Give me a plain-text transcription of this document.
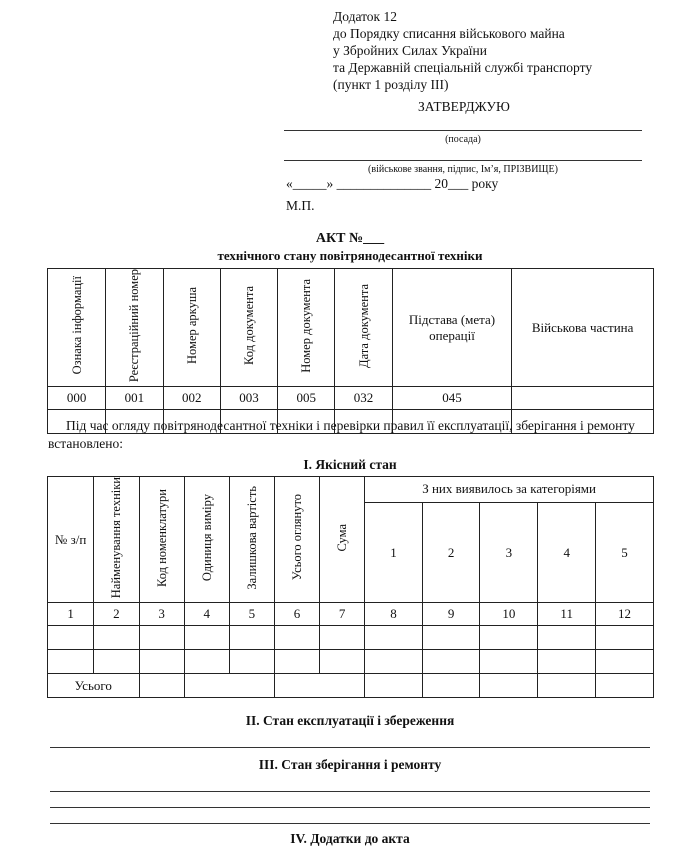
Додаток 12
до Порядку списання військового майна
у Збройних Силах України
та Державній спеціальній службі транспорту
(пункт 1 розділу ІІІ)
ЗАТВЕРДЖУЮ
(посада)
(військове звання, підпис, Ім’я, ПРІЗВИЩЕ)
«_____» ______________ 20___ року
М.П.
АКТ №___
технічного стану повітрянодесантної техніки
Ознака інформації	Реєстраційний номер	Номер аркуша	Код документа	Номер документа	Дата документа	Підстава (мета) операції	Військова частина
000	001	002	003	005	032	045	

Під час огляду повітрянодесантної техніки і перевірки правил її експлуатації, зберігання і ремонту встановлено:
І. Якісний стан
№ з/п	Найменування техніки	Код номенклатури	Одиниця виміру	Залишкова вартість	Усього оглянуто	Сума	З них виявилось за категоріями				
							1	2	3	4	5
1	2	3	4	5	6	7	8	9	10	11	12

Усього											
ІІ. Стан експлуатації і збереження
ІІІ. Стан зберігання і ремонту
IV. Додатки до акта
